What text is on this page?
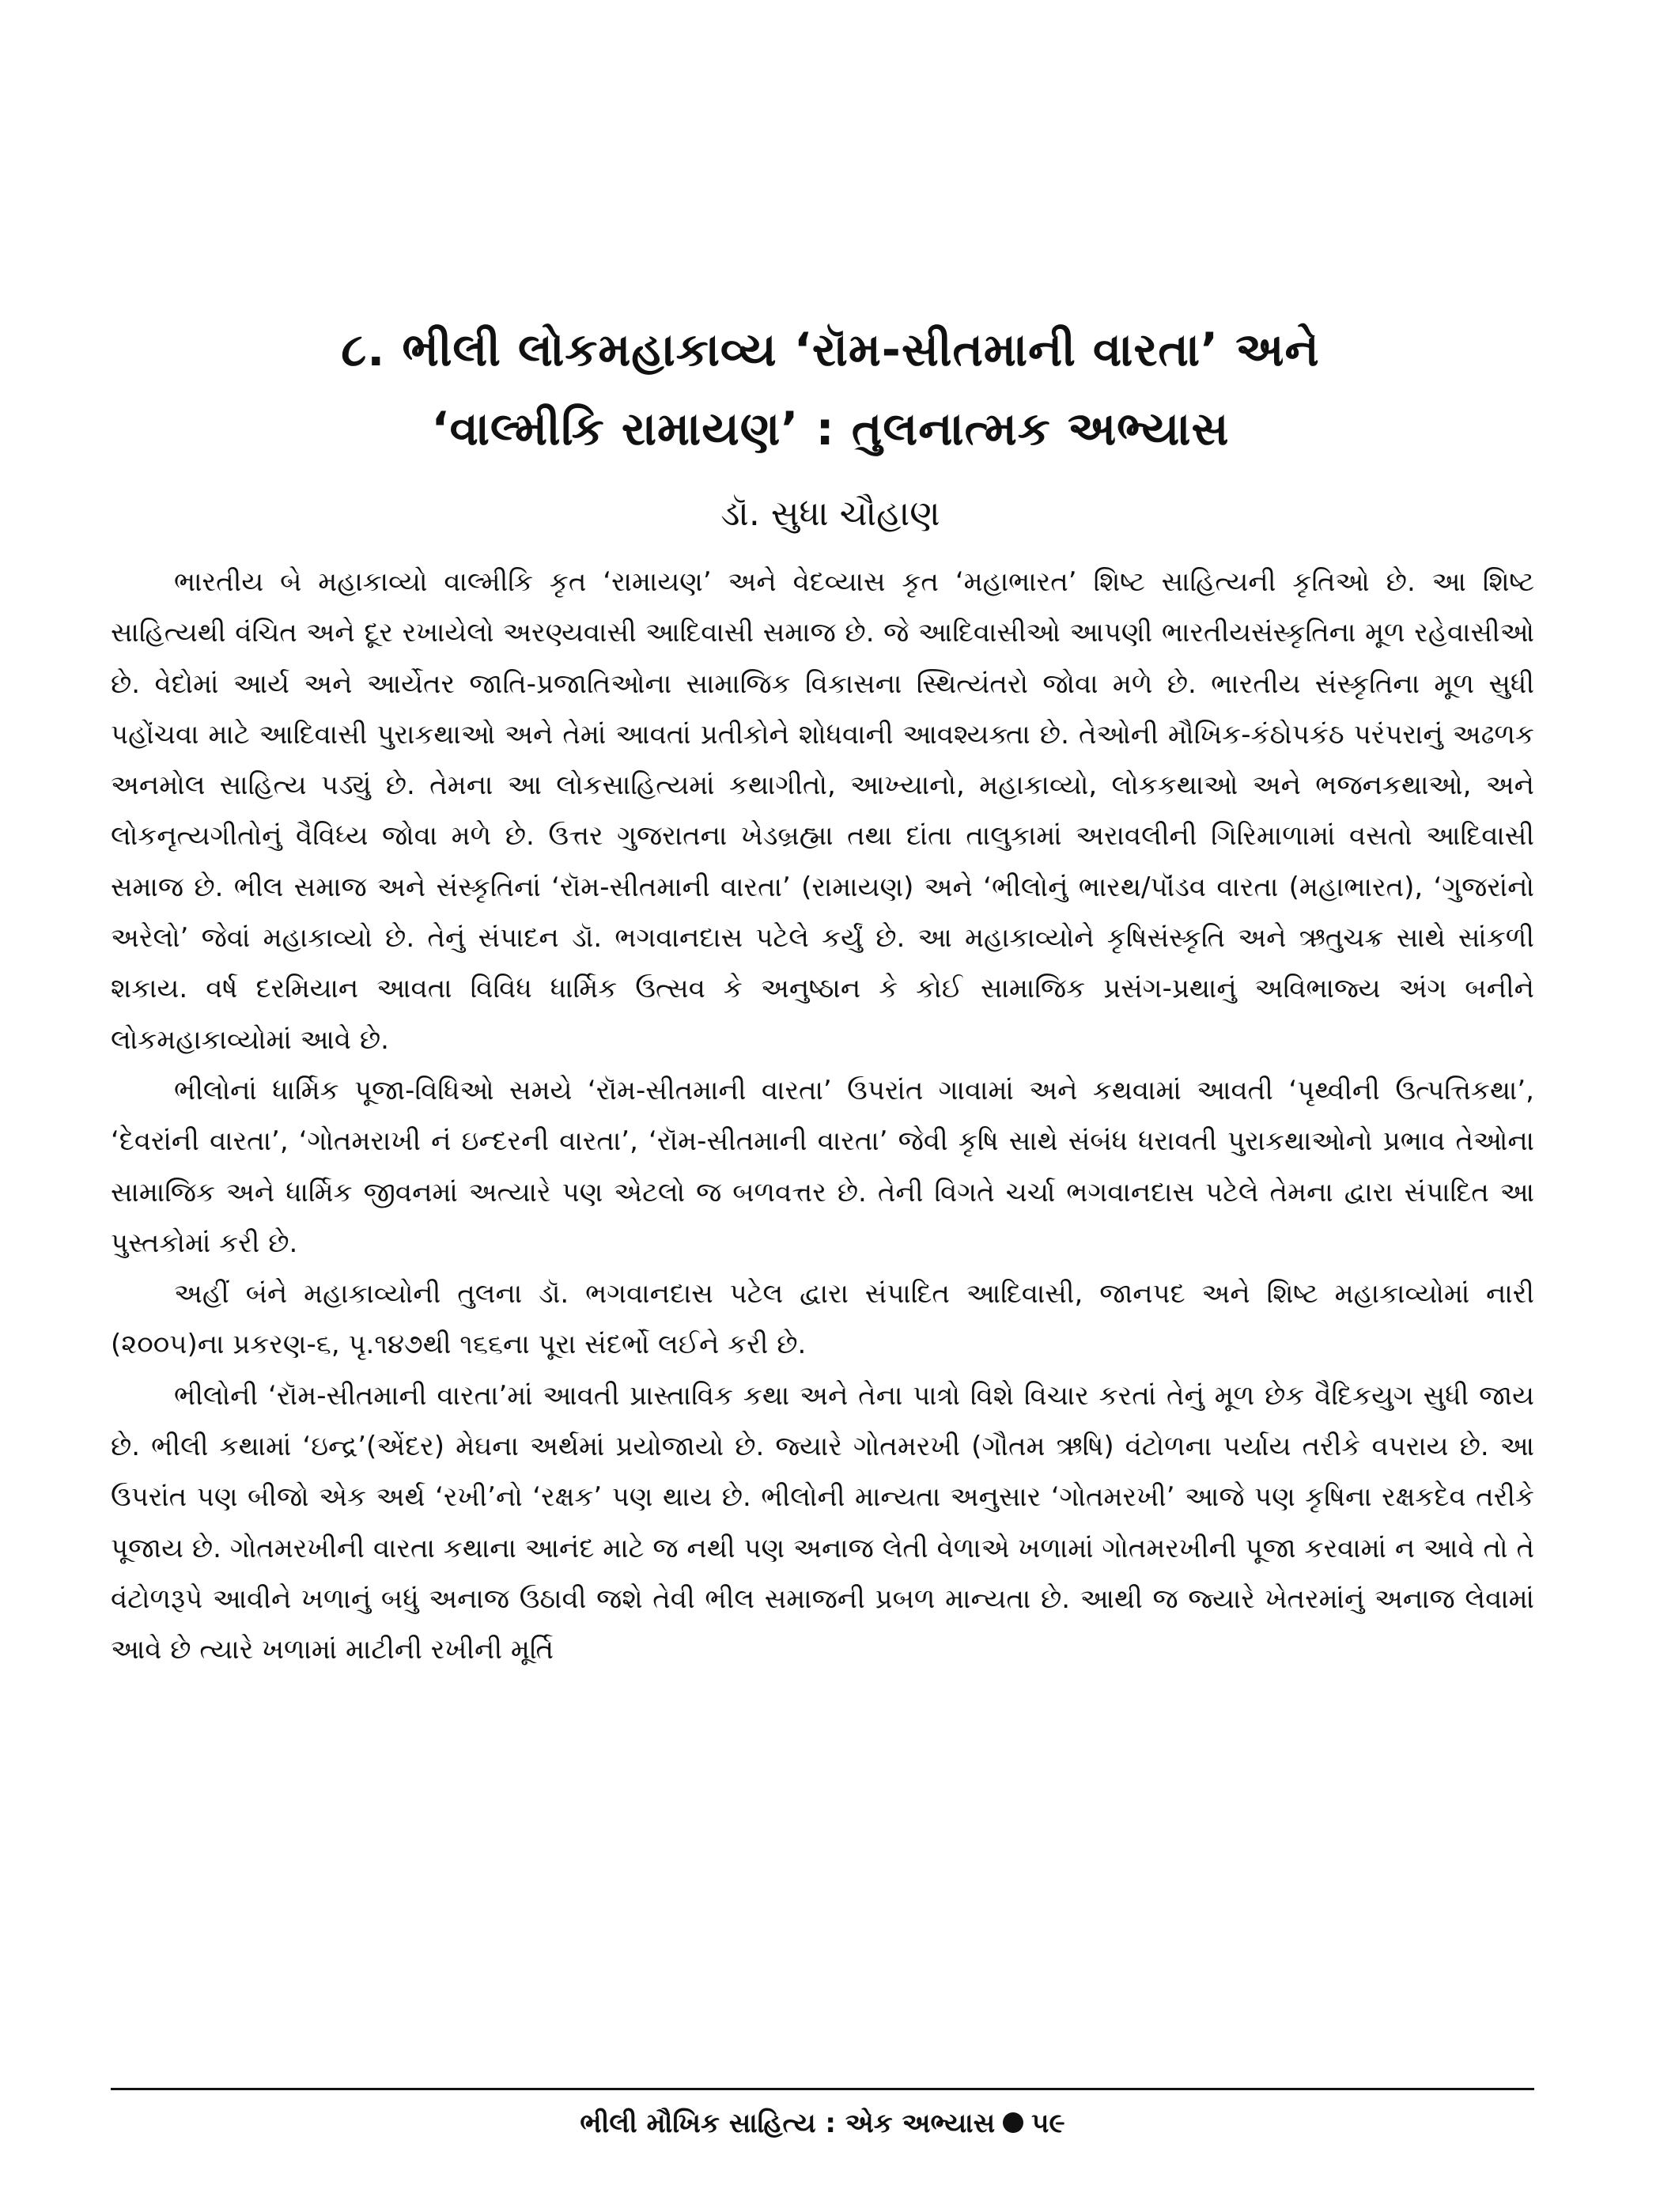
૮. ભીલી લોકમહાકાવ્ય ‘રૉમ-સીતમાની વારતા’ અને
‘વાલ્મીકિ રામાયણ’ : તુલનાત્મક અભ્યાસ
ડૉ. સુધા ચૌહાણ

ભારતીય બે મહાકાવ્યો વાલ્મીકિ કૃત ‘રામાયણ’ અને વેદવ્યાસ કૃત ‘મહાભારત’ શિષ્ટ સાહિત્યની કૃતિઓ છે. આ શિષ્ટ સાહિત્યથી વંચિત અને દૂર રખાયેલો અરણ્યવાસી આદિવાસી સમાજ છે. જે આદિવાસીઓ આપણી ભારતીયસંસ્કૃતિના મૂળ રહેવાસીઓ છે. વેદોમાં આર્ય અને આર્યેતર જાતિ-પ્રજાતિઓના સામાજિક વિકાસના સ્થિત્યંતરો જોવા મળે છે. ભારતીય સંસ્કૃતિના મૂળ સુધી પહોંચવા માટે આદિવાસી પુરાકથાઓ અને તેમાં આવતાં પ્રતીકોને શોધવાની આવશ્યક્તા છે. તેઓની મૌખિક-કંઠોપકંઠ પરંપરાનું અઢળક અનમોલ સાહિત્ય પડ્યું છે. તેમના આ લોકસાહિત્યમાં કથાગીતો, આખ્યાનો, મહાકાવ્યો, લોકકથાઓ અને ભજનકથાઓ, અને લોકનૃત્યગીતોનું વૈવિધ્ય જોવા મળે છે. ઉત્તર ગુજરાતના ખેડબ્રહ્મા તથા દાંતા તાલુકામાં અરાવલીની ગિરિમાળામાં વસતો આદિવાસી સમાજ છે. ભીલ સમાજ અને સંસ્કૃતિનાં ‘રૉમ-સીતમાની વારતા’ (રામાયણ) અને ‘ભીલોનું ભારથ/પૉંડવ વારતા (મહાભારત), ‘ગુજરાંનો અરેલો’ જેવાં મહાકાવ્યો છે. તેનું સંપાદન ડૉ. ભગવાનદાસ પટેલે કર્યું છે. આ મહાકાવ્યોને કૃષિસંસ્કૃતિ અને ઋતુચક્ર સાથે સાંકળી શકાય. વર્ષ દરમિયાન આવતા વિવિધ ધાર્મિક ઉત્સવ કે અનુષ્ઠાન કે કોઈ સામાજિક પ્રસંગ-પ્રથાનું અવિભાજ્ય અંગ બનીને લોકમહાકાવ્યોમાં આવે છે.

ભીલોનાં ધાર્મિક પૂજા-વિધિઓ સમયે ‘રૉમ-સીતમાની વારતા’ ઉપરાંત ગાવામાં અને કથવામાં આવતી ‘પૃથ્વીની ઉત્પત્તિકથા’, ‘દેવરાંની વારતા’, ‘ગોતમરાખી નં ઇન્દરની વારતા’, ‘રૉમ-સીતમાની વારતા’ જેવી કૃષિ સાથે સંબંધ ધરાવતી પુરાકથાઓનો પ્રભાવ તેઓના સામાજિક અને ધાર્મિક જીવનમાં અત્યારે પણ એટલો જ બળવત્તર છે. તેની વિગતે ચર્ચા ભગવાનદાસ પટેલે તેમના દ્વારા સંપાદિત આ પુસ્તકોમાં કરી છે.

અહીં બંને મહાકાવ્યોની તુલના ડૉ. ભગવાનદાસ પટેલ દ્વારા સંપાદિત આદિવાસી, જાનપદ અને શિષ્ટ મહાકાવ્યોમાં નારી (૨૦૦૫)ના પ્રકરણ-૬, પૃ.૧૪૭થી ૧૬૬ના પૂરા સંદર્ભો લઈને કરી છે.

ભીલોની ‘રૉમ-સીતમાની વારતા’માં આવતી પ્રાસ્તાવિક કથા અને તેના પાત્રો વિશે વિચાર કરતાં તેનું મૂળ છેક વૈદિકયુગ સુધી જાય છે. ભીલી કથામાં ‘ઇન્દ્ર’(એંદર) મેઘના અર્થમાં પ્રયોજાયો છે. જ્યારે ગોતમરખી (ગૌતમ ઋષિ) વંટોળના પર્યાય તરીકે વપરાય છે. આ ઉપરાંત પણ બીજો એક અર્થ ‘રખી’નો ‘રક્ષક’ પણ થાય છે. ભીલોની માન્યતા અનુસાર ‘ગોતમરખી’ આજે પણ કૃષિના રક્ષકદેવ તરીકે પૂજાય છે. ગોતમરખીની વારતા કથાના આનંદ માટે જ નથી પણ અનાજ લેતી વેળાએ ખળામાં ગોતમરખીની પૂજા કરવામાં ન આવે તો તે વંટોળરૂપે આવીને ખળાનું બધું અનાજ ઉઠાવી જશે તેવી ભીલ સમાજની પ્રબળ માન્યતા છે. આથી જ જ્યારે ખેતરમાંનું અનાજ લેવામાં આવે છે ત્યારે ખળામાં માટીની રખીની મૂર્તિ

ભીલી મૌખિક સાહિત્ય : એક અભ્યાસ ૫૯
